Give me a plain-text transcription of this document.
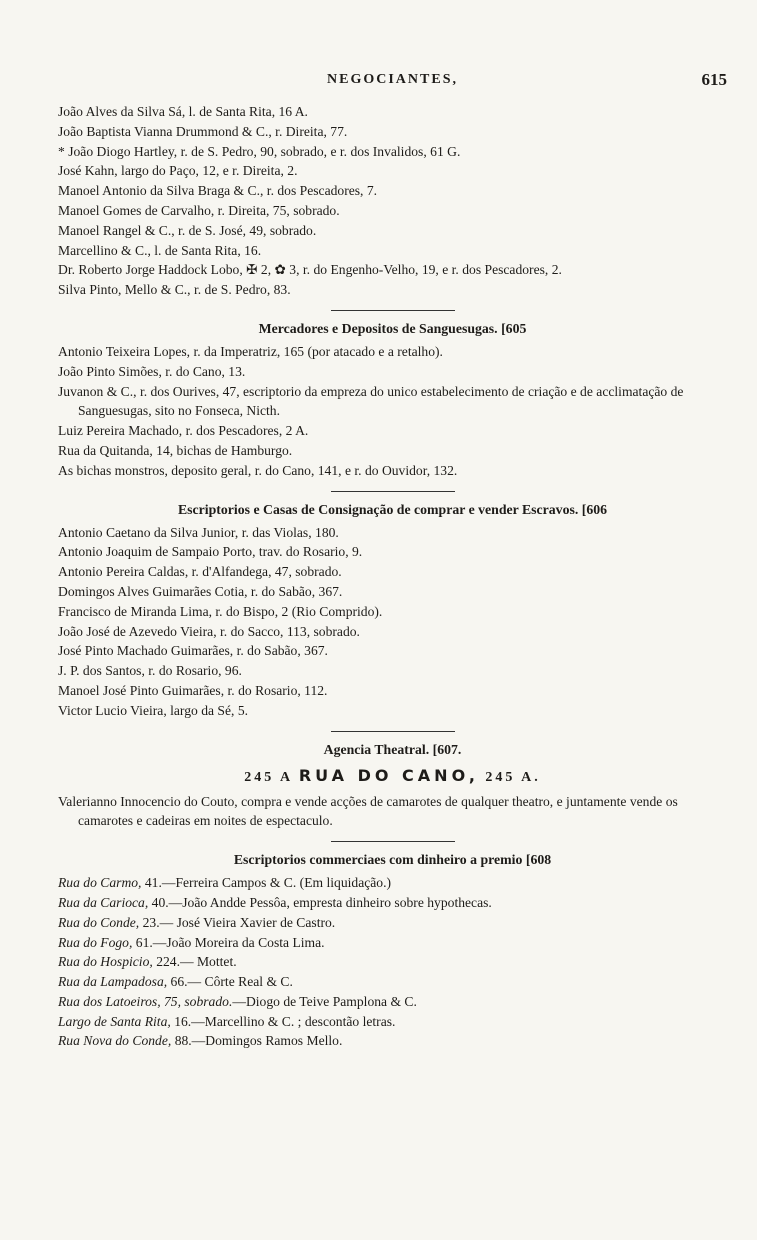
NEGOCIANTES,	615
João Alves da Silva Sá, l. de Santa Rita, 16 A.
João Baptista Vianna Drummond & C., r. Direita, 77.
* João Diogo Hartley, r. de S. Pedro, 90, sobrado, e r. dos Invalidos, 61 G.
José Kahn, largo do Paço, 12, e r. Direita, 2.
Manoel Antonio da Silva Braga & C., r. dos Pescadores, 7.
Manoel Gomes de Carvalho, r. Direita, 75, sobrado.
Manoel Rangel & C., r. de S. José, 49, sobrado.
Marcellino & C., l. de Santa Rita, 16.
Dr. Roberto Jorge Haddock Lobo, ✠ 2, ✿ 3, r. do Engenho-Velho, 19, e r. dos Pescadores, 2.
Silva Pinto, Mello & C., r. de S. Pedro, 83.
Mercadores e Depositos de Sanguesugas. [605
Antonio Teixeira Lopes, r. da Imperatriz, 165 (por atacado e a retalho).
João Pinto Simões, r. do Cano, 13.
Juvanon & C., r. dos Ourives, 47, escriptorio da empreza do unico estabelecimento de criação e de acclimatação de Sanguesugas, sito no Fonseca, Nicth.
Luiz Pereira Machado, r. dos Pescadores, 2 A.
Rua da Quitanda, 14, bichas de Hamburgo.
As bichas monstros, deposito geral, r. do Cano, 141, e r. do Ouvidor, 132.
Escriptorios e Casas de Consignação de comprar e vender Escravos. [606
Antonio Caetano da Silva Junior, r. das Violas, 180.
Antonio Joaquim de Sampaio Porto, trav. do Rosario, 9.
Antonio Pereira Caldas, r. d'Alfandega, 47, sobrado.
Domingos Alves Guimarães Cotia, r. do Sabão, 367.
Francisco de Miranda Lima, r. do Bispo, 2 (Rio Comprido).
João José de Azevedo Vieira, r. do Sacco, 113, sobrado.
José Pinto Machado Guimarães, r. do Sabão, 367.
J. P. dos Santos, r. do Rosario, 96.
Manoel José Pinto Guimarães, r. do Rosario, 112.
Victor Lucio Vieira, largo da Sé, 5.
Agencia Theatral. [607.
245 A RUA DO CANO, 245 A.
Valerianno Innocencio do Couto, compra e vende acções de camarotes de qualquer theatro, e juntamente vende os camarotes e cadeiras em noites de espectaculo.
Escriptorios commerciaes com dinheiro a premio [608
Rua do Carmo, 41.—Ferreira Campos & C. (Em liquidação.)
Rua da Carioca, 40.—João Andde Pessôa, empresta dinheiro sobre hypothecas.
Rua do Conde, 23.— José Vieira Xavier de Castro.
Rua do Fogo, 61.—João Moreira da Costa Lima.
Rua do Hospicio, 224.— Mottet.
Rua da Lampadosa, 66.— Côrte Real & C.
Rua dos Latoeiros, 75, sobrado.—Diogo de Teive Pamplona & C.
Largo de Santa Rita, 16.—Marcellino & C. ; descontão letras.
Rua Nova do Conde, 88.—Domingos Ramos Mello.
